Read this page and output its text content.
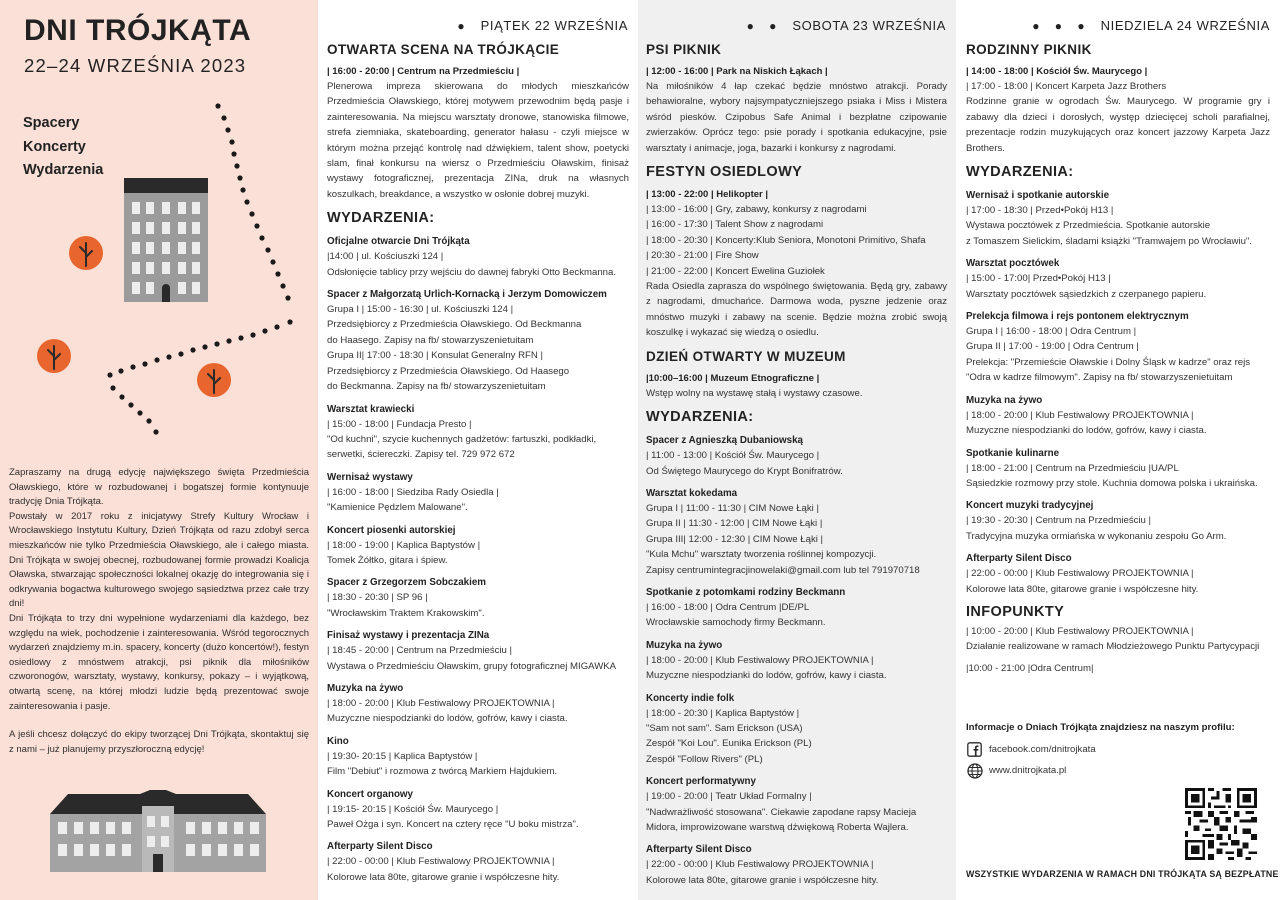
DNI TRÓJKĄTA
22–24 WRZEŚNIA 2023
Spacery
Koncerty
Wydarzenia

Zapraszamy na drugą edycję największego święta Przedmieścia Oławskiego, które w rozbudowanej i bogatszej formie kontynuuje tradycję Dnia Trójkąta.

Powstały w 2017 roku z inicjatywy Strefy Kultury Wrocław i Wrocławskiego Instytutu Kultury, Dzień Trójkąta od razu zdobył serca mieszkańców nie tylko Przedmieścia Oławskiego, ale i całego miasta. Dni Trójkąta w swojej obecnej, rozbudowanej formie prowadzi Koalicja Oławska, stwarzając społeczności lokalnej okazję do integrowania się i odkrywania bogactwa kulturowego swojego sąsiedztwa przez całe trzy dni!

Dni Trójkąta to trzy dni wypełnione wydarzeniami dla każdego, bez względu na wiek, pochodzenie i zainteresowania. Wśród tegorocznych wydarzeń znajdziemy m.in. spacery, koncerty (dużo koncertów!), festyn osiedlowy z mnóstwem atrakcji, psi piknik dla miłośników czworonogów, warsztaty, wystawy, konkursy, pokazy – i wyjątkową, otwartą scenę, na której młodzi ludzie będą prezentować swoje zainteresowania i pasje.

A jeśli chcesz dołączyć do ekipy tworzącej Dni Trójkąta, skontaktuj się z nami – już planujemy przyszłoroczną edycję!

● PIĄTEK 22 WRZEŚNIA
OTWARTA SCENA NA TRÓJKĄCIE
| 16:00 - 20:00 | Centrum na Przedmieściu |
Plenerowa impreza skierowana do młodych mieszkańców Przedmieścia Oławskiego, której motywem przewodnim będą pasje i zainteresowania. Na miejscu warsztaty dronowe, stanowiska filmowe, strefa ziemniaka, skateboarding, generator hałasu - czyli miejsce w którym można przejąć kontrolę nad dźwiękiem, talent show, poetycki slam, finał konkursu na wiersz o Przedmieściu Oławskim, finisaż wystawy fotograficznej, prezentacja ZINa, druk na własnych koszulkach, breakdance, a wszystko w osłonie dobrej muzyki.
WYDARZENIA:
Oficjalne otwarcie Dni Trójkąta
|14:00 | ul. Kościuszki 124 |
Odsłonięcie tablicy przy wejściu do dawnej fabryki Otto Beckmanna.
Spacer z Małgorzatą Urlich-Kornacką i Jerzym Domowiczem
Grupa I | 15:00 - 16:30 | ul. Kościuszki 124 |
Przedsiębiorcy z Przedmieścia Oławskiego. Od Beckmanna
do Haasego. Zapisy na fb/ stowarzyszenietuitam
Grupa II| 17:00 - 18:30 | Konsulat Generalny RFN |
Przedsiębiorcy z Przedmieścia Oławskiego. Od Haasego
do Beckmanna. Zapisy na fb/ stowarzyszenietuitam
Warsztat krawiecki
| 15:00 - 18:00 | Fundacja Presto |
"Od kuchni", szycie kuchennych gadżetów: fartuszki, podkładki,
serwetki, ściereczki. Zapisy tel. 729 972 672
Wernisaż wystawy
| 16:00 - 18:00 | Siedziba Rady Osiedla |
"Kamienice Pędzlem Malowane".
Koncert piosenki autorskiej
| 18:00 - 19:00 | Kaplica Baptystów |
Tomek Żółtko, gitara i śpiew.
Spacer z Grzegorzem Sobczakiem
| 18:30 - 20:30 | SP 96 |
"Wrocławskim Traktem Krakowskim".
Finisaż wystawy i prezentacja ZINa
| 18:45 - 20:00 | Centrum na Przedmieściu |
Wystawa o Przedmieściu Oławskim, grupy fotograficznej MIGAWKA
Muzyka na żywo
| 18:00 - 20:00 | Klub Festiwalowy PROJEKTOWNIA |
Muzyczne niespodzianki do lodów, gofrów, kawy i ciasta.
Kino
| 19:30- 20:15 | Kaplica Baptystów |
Film "Debiut" i rozmowa z twórcą Markiem Hajdukiem.
Koncert organowy
| 19:15- 20:15 | Kościół Św. Maurycego |
Paweł Ożga i syn. Koncert na cztery ręce "U boku mistrza".
Afterparty Silent Disco
| 22:00 - 00:00 | Klub Festiwalowy PROJEKTOWNIA |
Kolorowe lata 80te, gitarowe granie i współczesne hity.
● ● SOBOTA 23 WRZEŚNIA
PSI PIKNIK
| 12:00 - 16:00 | Park na Niskich Łąkach |
Na miłośników 4 łap czekać będzie mnóstwo atrakcji. Porady behawioralne, wybory najsympatyczniejszego psiaka i Miss i Mistera wśród piesków. Czipobus Safe Animal i bezpłatne czipowanie zwierzaków. Oprócz tego: psie porady i spotkania edukacyjne, psie warsztaty i animacje, joga, bazarki i konkursy z nagrodami.
FESTYN OSIEDLOWY
| 13:00 - 22:00 | Helikopter |
| 13:00 - 16:00 | Gry, zabawy, konkursy z nagrodami
| 16:00 - 17:30 | Talent Show z nagrodami
| 18:00 - 20:30 | Koncerty:Klub Seniora, Monotoni Primitivo, Shafa
| 20:30 - 21:00 | Fire Show
| 21:00 - 22:00 | Koncert Ewelina Guziołek
Rada Osiedla zaprasza do wspólnego świętowania. Będą gry, zabawy z nagrodami, dmuchańce. Darmowa woda, pyszne jedzenie oraz mnóstwo muzyki i zabawy na scenie. Będzie można zrobić swoją koszulkę i wykazać się wiedzą o osiedlu.
DZIEŃ OTWARTY W MUZEUM
|10:00–16:00 | Muzeum Etnograficzne |
Wstęp wolny na wystawę stałą i wystawy czasowe.
WYDARZENIA:
Spacer z Agnieszką Dubaniowską
| 11:00 - 13:00 | Kościół Św. Maurycego |
Od Świętego Maurycego do Krypt Bonifratrów.
Warsztat kokedama
Grupa I | 11:00 - 11:30 | CIM Nowe Łąki |
Grupa II | 11:30 - 12:00 | CIM Nowe Łąki |
Grupa III| 12:00 - 12:30 | CIM Nowe Łąki |
"Kula Mchu" warsztaty tworzenia roślinnej kompozycji.
Zapisy centrumintegracjinowelaki@gmail.com lub tel 791970718
Spotkanie z potomkami rodziny Beckmann
| 16:00 - 18:00 | Odra Centrum |DE/PL
Wrocławskie samochody firmy Beckmann.
Muzyka na żywo
| 18:00 - 20:00 | Klub Festiwalowy PROJEKTOWNIA |
Muzyczne niespodzianki do lodów, gofrów, kawy i ciasta.
Koncerty indie folk
| 18:00 - 20:30 | Kaplica Baptystów |
"Sam not sam". Sam Erickson (USA)
Zespół "Koi Lou". Eunika Erickson (PL)
Zespół "Follow Rivers" (PL)
Koncert performatywny
| 19:00 - 20:00 | Teatr Układ Formalny |
"Nadwrażliwość stosowana". Ciekawie zapodane rapsy Macieja
Midora, improwizowane warstwą dźwiękową Roberta Wajlera.
Afterparty Silent Disco
| 22:00 - 00:00 | Klub Festiwalowy PROJEKTOWNIA |
Kolorowe lata 80te, gitarowe granie i współczesne hity.
● ● ● NIEDZIELA 24 WRZEŚNIA
RODZINNY PIKNIK
| 14:00 - 18:00 | Kościół Św. Maurycego |
| 17:00 - 18:00 | Koncert Karpeta Jazz Brothers
Rodzinne granie w ogrodach Św. Maurycego. W programie gry i zabawy dla dzieci i dorosłych, występ dziecięcej scholi parafialnej, prezentacje rodzin muzykujących oraz koncert jazzowy Karpeta Jazz Brothers.
WYDARZENIA:
Wernisaż i spotkanie autorskie
| 17:00 - 18:30 | Przed•Pokój H13 |
Wystawa pocztówek z Przedmieścia. Spotkanie autorskie
z Tomaszem Sielickim, śladami książki "Tramwajem po Wrocławiu".
Warsztat pocztówek
| 15:00 - 17:00| Przed•Pokój H13 |
Warsztaty pocztówek sąsiedzkich z czerpanego papieru.
Prelekcja filmowa i rejs pontonem elektrycznym
Grupa I | 16:00 - 18:00 | Odra Centrum |
Grupa II | 17:00 - 19:00 | Odra Centrum |
Prelekcja: "Przemieście Oławskie i Dolny Śląsk w kadrze" oraz rejs
"Odra w kadrze filmowym". Zapisy na fb/ stowarzyszenietuitam
Muzyka na żywo
| 18:00 - 20:00 | Klub Festiwalowy PROJEKTOWNIA |
Muzyczne niespodzianki do lodów, gofrów, kawy i ciasta.
Spotkanie kulinarne
| 18:00 - 21:00 | Centrum na Przedmieściu |UA/PL
Sąsiedzkie rozmowy przy stole. Kuchnia domowa polska i ukraińska.
Koncert muzyki tradycyjnej
| 19:30 - 20:30 | Centrum na Przedmieściu |
Tradycyjna muzyka ormiańska w wykonaniu zespołu Go Arm.
Afterparty Silent Disco
| 22:00 - 00:00 | Klub Festiwalowy PROJEKTOWNIA |
Kolorowe lata 80te, gitarowe granie i współczesne hity.
INFOPUNKTY
| 10:00 - 20:00 | Klub Festiwalowy PROJEKTOWNIA |
Działanie realizowane w ramach Młodzieżowego Punktu Partycypacji
|10:00 - 21:00 |Odra Centrum|
Informacje o Dniach Trójkąta znajdziesz na naszym profilu:
facebook.com/dnitrojkata
www.dnitrojkata.pl
WSZYSTKIE WYDARZENIA W RAMACH DNI TRÓJKĄTA SĄ BEZPŁATNE
